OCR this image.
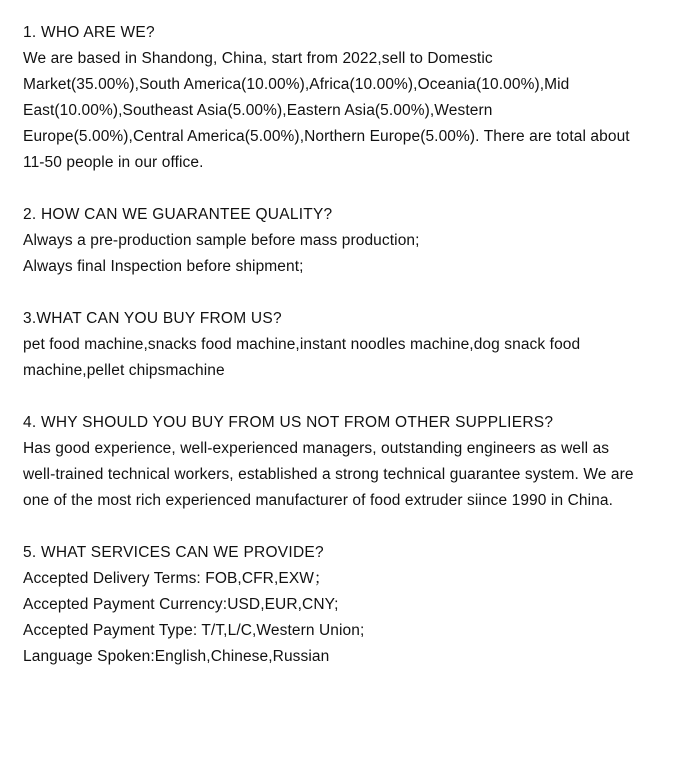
1. WHO ARE WE?

We are based in Shandong, China, start from 2022,sell to Domestic

Market(35.00%),South America(10.00%),Africa(10.00%),Oceania(10.00%),Mid

East(10.00%),Southeast Asia(5.00%),Eastern Asia(5.00%),Western

Europe(5.00%),Central America(5.00%),Northern Europe(5.00%). There are total about

11-50 people in our office.

2. HOW CAN WE GUARANTEE QUALITY?

Always a pre-production sample before mass production;

Always final Inspection before shipment;

3.WHAT CAN YOU BUY FROM US?

pet food machine,snacks food machine,instant noodles machine,dog snack food

machine,pellet chipsmachine

4. WHY SHOULD YOU BUY FROM US NOT FROM OTHER SUPPLIERS?

Has good experience, well-experienced managers, outstanding engineers as well as

well-trained technical workers, established a strong technical guarantee system. We are

one of the most rich experienced manufacturer of food extruder siince 1990 in China.

5. WHAT SERVICES CAN WE PROVIDE?

Accepted Delivery Terms: FOB,CFR,EXW；

Accepted Payment Currency:USD,EUR,CNY;

Accepted Payment Type: T/T,L/C,Western Union;

Language Spoken:English,Chinese,Russian
